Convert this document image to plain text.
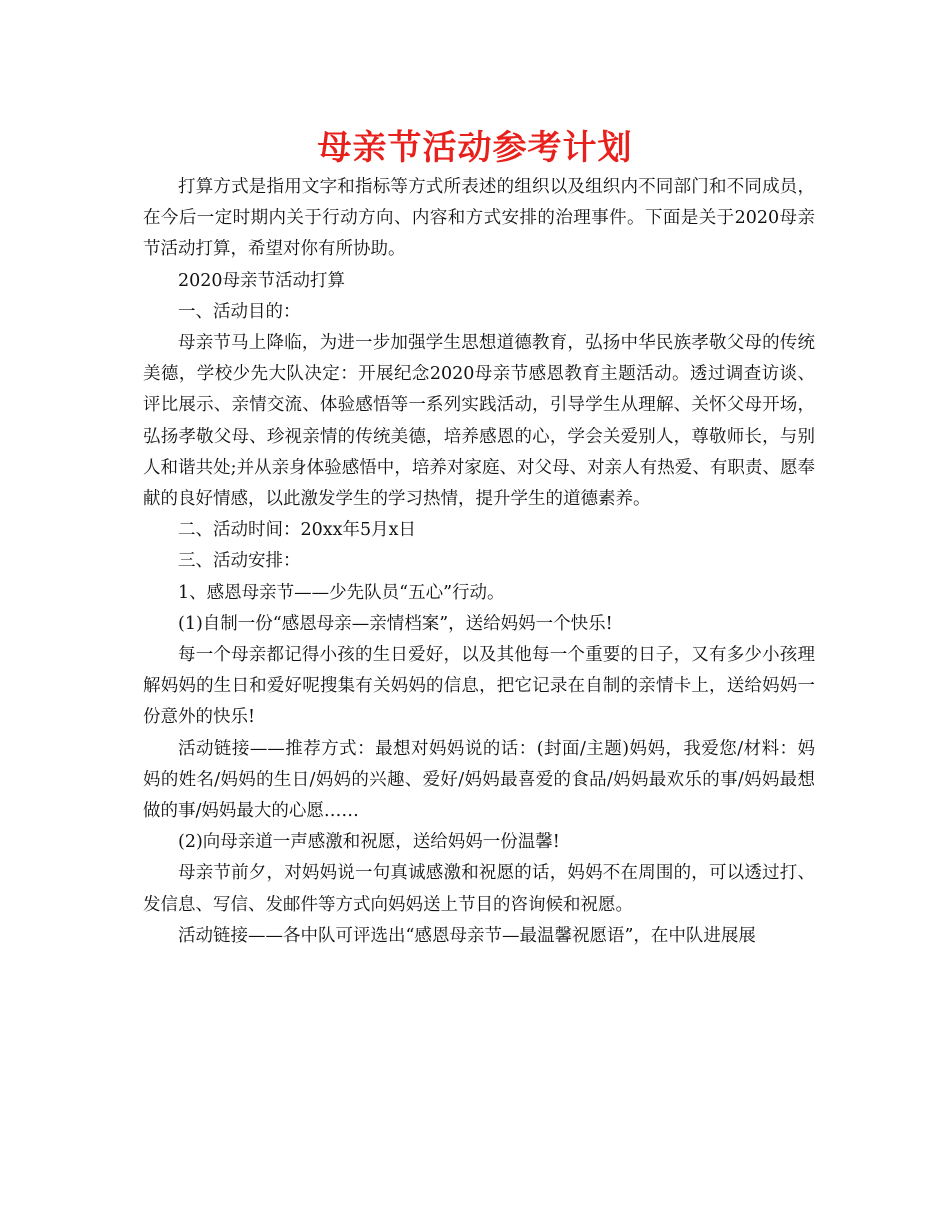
母亲节活动参考计划

打算方式是指用文字和指标等方式所表述的组织以及组织内不同部门和不同成员，在今后一定时期内关于行动方向、内容和方式安排的治理事件。下面是关于2020母亲节活动打算，希望对你有所协助。

2020母亲节活动打算

一、活动目的：

母亲节马上降临，为进一步加强学生思想道德教育，弘扬中华民族孝敬父母的传统美德，学校少先大队决定：开展纪念2020母亲节感恩教育主题活动。透过调查访谈、评比展示、亲情交流、体验感悟等一系列实践活动，引导学生从理解、关怀父母开场，弘扬孝敬父母、珍视亲情的传统美德，培养感恩的心，学会关爱别人，尊敬师长，与别人和谐共处;并从亲身体验感悟中，培养对家庭、对父母、对亲人有热爱、有职责、愿奉献的良好情感，以此激发学生的学习热情，提升学生的道德素养。

二、活动时间：20xx年5月x日

三、活动安排：

1、感恩母亲节——少先队员“五心”行动。

(1)自制一份“感恩母亲—亲情档案”，送给妈妈一个快乐!

每一个母亲都记得小孩的生日爱好，以及其他每一个重要的日子，又有多少小孩理解妈妈的生日和爱好呢搜集有关妈妈的信息，把它记录在自制的亲情卡上，送给妈妈一份意外的快乐!

活动链接——推荐方式：最想对妈妈说的话：(封面/主题)妈妈，我爱您/材料：妈妈的姓名/妈妈的生日/妈妈的兴趣、爱好/妈妈最喜爱的食品/妈妈最欢乐的事/妈妈最想做的事/妈妈最大的心愿……

(2)向母亲道一声感激和祝愿，送给妈妈一份温馨!

母亲节前夕，对妈妈说一句真诚感激和祝愿的话，妈妈不在周围的，可以透过打、发信息、写信、发邮件等方式向妈妈送上节目的咨询候和祝愿。

活动链接——各中队可评选出“感恩母亲节—最温馨祝愿语”，在中队进展展
